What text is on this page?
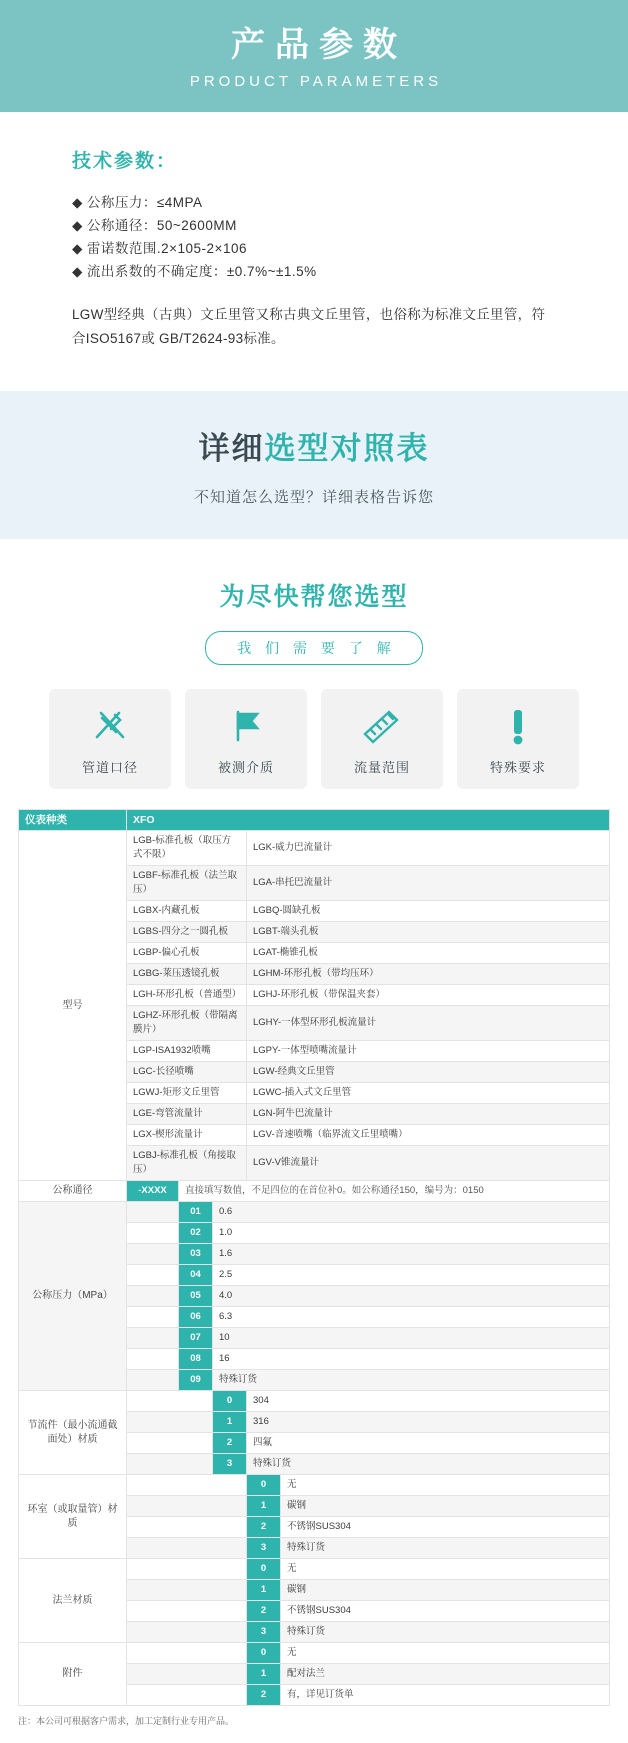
产品参数
PRODUCT PARAMETERS
技术参数：
◆ 公称压力：≤4MPA
◆ 公称通径：50~2600MM
◆ 雷诺数范围.2×105-2×106
◆ 流出系数的不确定度：±0.7%~±1.5%
LGW型经典（古典）文丘里管又称古典文丘里管，也俗称为标准文丘里管，符合ISO5167或 GB/T2624-93标准。
详细选型对照表
不知道怎么选型？详细表格告诉您
为尽快帮您选型
我 们 需 要 了 解
管道口径	被测介质	流量范围	特殊要求
仪表种类	XFO				
型号	LGB-标准孔板（取压方式不限）			LGK-威力巴流量计	
	LGBF-标准孔板（法兰取压）			LGA-串托巴流量计	
	LGBX-内藏孔板			LGBQ-圆缺孔板	
	LGBS-四分之一圆孔板			LGBT-端头孔板	
	LGBP-偏心孔板			LGAT-椭锥孔板	
	LGBG-莱压透镜孔板			LGHM-环形孔板（带均压环）	
	LGH-环形孔板（普通型）			LGHJ-环形孔板（带保温夹套）	
	LGHZ-环形孔板（带隔离膜片）			LGHY-一体型环形孔板流量计	
	LGP-ISA1932喷嘴			LGPY-一体型喷嘴流量计	
	LGC-长径喷嘴			LGW-经典文丘里管	
	LGWJ-矩形文丘里管			LGWC-插入式文丘里管	
	LGE-弯管流量计			LGN-阿牛巴流量计	
	LGX-楔形流量计			LGV-音速喷嘴（临界流文丘里喷嘴）	
	LGBJ-标准孔板（角接取压）			LGV-V锥流量计	
公称通径	-XXXX	直接填写数值，不足四位的在首位补0。如公称通径150，编号为：0150			
公称压力（MPa）		01	0.6		
		02	1.0		
		03	1.6		
		04	2.5		
		05	4.0		
		06	6.3		
		07	10		
		08	16		
		09	特殊订货		
节流件（最小流通截面处）材质			0	304	
			1	316	
			2	四氟	
			3	特殊订货	
环室（或取量管）材质				0	无
				1	碳钢
				2	不锈钢SUS304
				3	特殊订货
法兰材质				0	无
				1	碳钢
				2	不锈钢SUS304
				3	特殊订货
附件				0	无
				1	配对法兰
				2	有，详见订货单
注：本公司可根据客户需求，加工定制行业专用产品。
